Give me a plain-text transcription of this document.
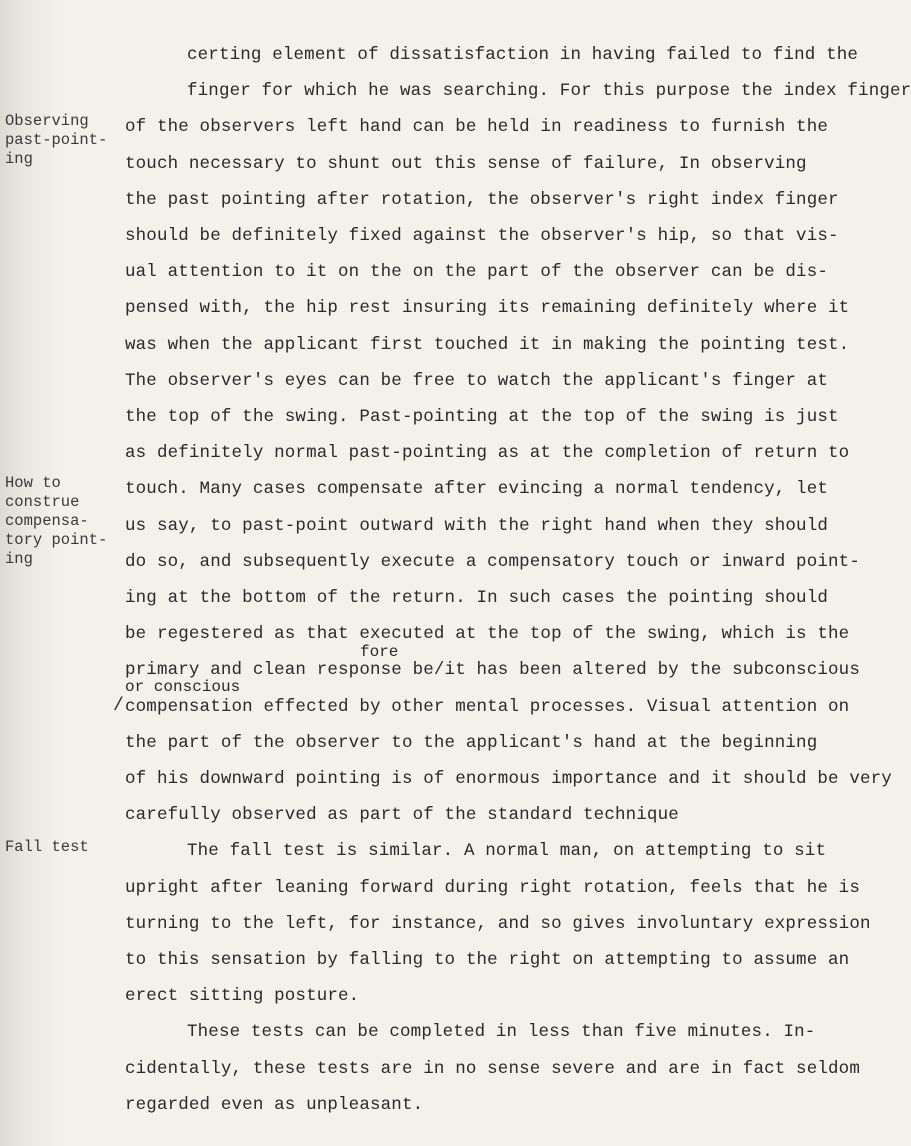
Observing
past-point-
ing
How to
construe
compensa-
tory point-
ing
Fall test
certing element of dissatisfaction in having failed to find the
finger for which he was searching. For this purpose the index finger
of the observers left hand can be held in readiness to furnish the
touch necessary to shunt out this sense of failure, In observing
the past pointing after rotation, the observer's right index finger
should be definitely fixed against the observer's hip, so that vis-
ual attention to it on the on the part of the observer can be dis-
pensed with, the hip rest insuring its remaining definitely where it
was when the applicant first touched it in making the pointing test.
The observer's eyes can be free to watch the applicant's finger at
the top of the swing. Past-pointing at the top of the swing is just
as definitely normal past-pointing as at the completion of return to
touch. Many cases compensate after evincing a normal tendency, let
us say, to past-point outward with the right hand when they should
do so, and subsequently execute a compensatory touch or inward point-
ing at the bottom of the return. In such cases the pointing should
be regestered as that executed at the top of the swing, which is the
fore
primary and clean response be/it has been altered by the subconscious
or conscious
/ compensation effected by other mental processes. Visual attention on
the part of the observer to the applicant's hand at the beginning
of his downward pointing is of enormous importance and it should be very
carefully observed as part of the standard technique
The fall test is similar. A normal man, on attempting to sit
upright after leaning forward during right rotation, feels that he is
turning to the left, for instance, and so gives involuntary expression
to this sensation by falling to the right on attempting to assume an
erect sitting posture.
These tests can be completed in less than five minutes. In-
cidentally, these tests are in no sense severe and are in fact seldom
regarded even as unpleasant.
